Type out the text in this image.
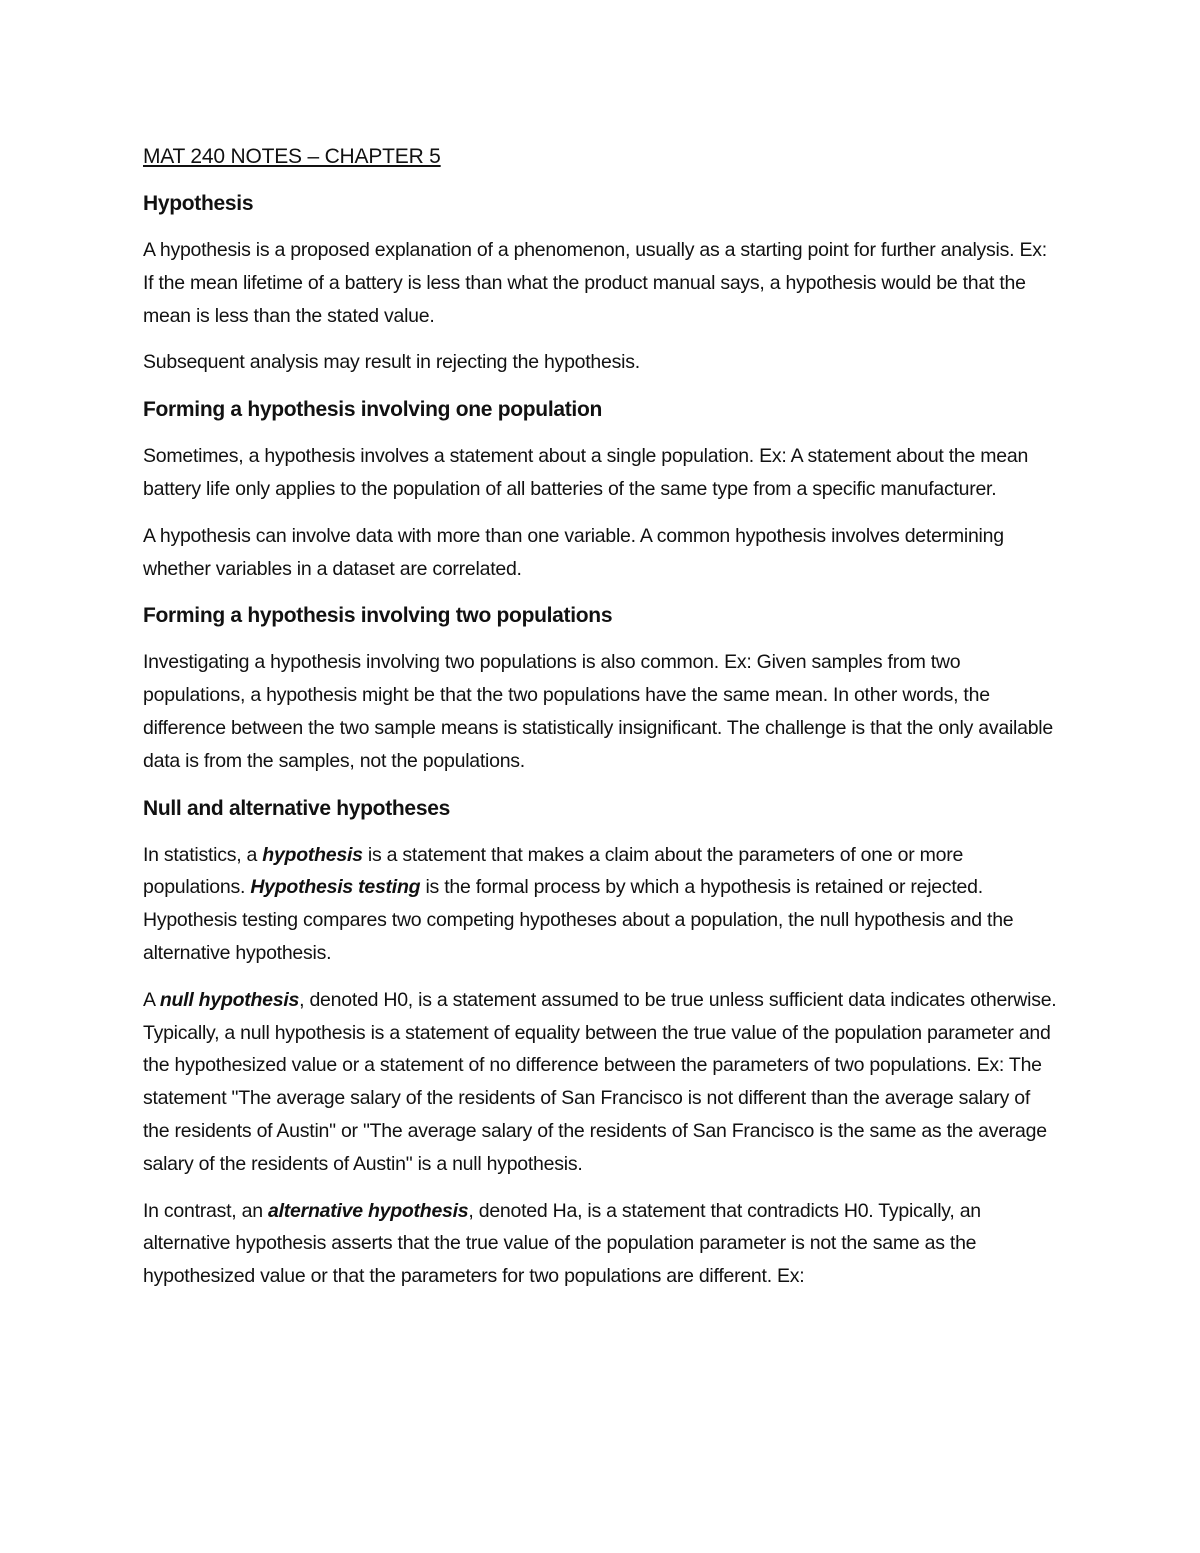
MAT 240 NOTES – CHAPTER 5
Hypothesis

A hypothesis is a proposed explanation of a phenomenon, usually as a starting point for further analysis. Ex: If the mean lifetime of a battery is less than what the product manual says, a hypothesis would be that the mean is less than the stated value.

Subsequent analysis may result in rejecting the hypothesis.

Forming a hypothesis involving one population

Sometimes, a hypothesis involves a statement about a single population. Ex: A statement about the mean battery life only applies to the population of all batteries of the same type from a specific manufacturer.

A hypothesis can involve data with more than one variable. A common hypothesis involves determining whether variables in a dataset are correlated.

Forming a hypothesis involving two populations

Investigating a hypothesis involving two populations is also common. Ex: Given samples from two populations, a hypothesis might be that the two populations have the same mean. In other words, the difference between the two sample means is statistically insignificant. The challenge is that the only available data is from the samples, not the populations.

Null and alternative hypotheses

In statistics, a hypothesis is a statement that makes a claim about the parameters of one or more populations. Hypothesis testing is the formal process by which a hypothesis is retained or rejected. Hypothesis testing compares two competing hypotheses about a population, the null hypothesis and the alternative hypothesis.

A null hypothesis, denoted H0, is a statement assumed to be true unless sufficient data indicates otherwise. Typically, a null hypothesis is a statement of equality between the true value of the population parameter and the hypothesized value or a statement of no difference between the parameters of two populations. Ex: The statement "The average salary of the residents of San Francisco is not different than the average salary of the residents of Austin" or "The average salary of the residents of San Francisco is the same as the average salary of the residents of Austin" is a null hypothesis.

In contrast, an alternative hypothesis, denoted Ha, is a statement that contradicts H0. Typically, an alternative hypothesis asserts that the true value of the population parameter is not the same as the hypothesized value or that the parameters for two populations are different. Ex:
